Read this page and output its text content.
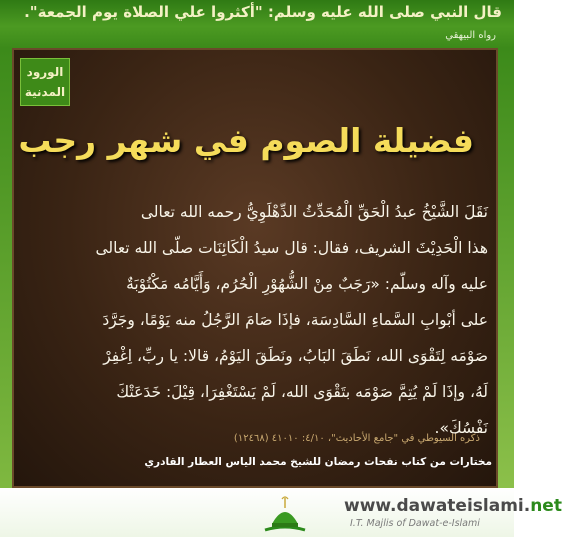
قال النبي صلى الله عليه وسلم: "أكثروا علي الصلاة يوم الجمعة".
رواه البيهقي
الورود
المدنية
فضيلة الصوم في شهر رجب
نَقَلَ الشَّيْخُ عبدُ الْحَقِّ الْمُحَدِّثُ الدِّهْلَوِيُّ رحمه الله تعالى
هذا الْحَدِيْثَ الشريف، فقال: قال سيدُ الْكَائِنَات صلّى الله تعالى
عليه وآله وسلّم: «رَجَبٌ مِنْ الشُّهُوْرِ الْحُرُم، وَأَيَّامُه مَكْتُوْبَةٌ
على أبْوابِ السَّماءِ السَّادِسَة، فإذَا صَامَ الرَّجُلُ منه يَوْمًا، وجَرَّدَ
صَوْمَه لِتَقْوَى الله، نَطَقَ البَابُ، ونَطَقَ اليَوْمُ، قالا: يا ربِّ، اِغْفِرْ
لَهُ، وإذَا لَمْ يُتِمَّ صَوْمَه بتَقْوَى الله، لَمْ يَسْتَغْفِرَا، قِيْلَ: خَدَعَتْكَ
نَفْسُكَ».
ذكره السيوطي في "جامع الأحاديث"، ٤/١٠: ٤١٠١٠ (١٢٤٦٨)
مختارات من كتاب نفحات رمضان للشيخ محمد الياس العطار القادري
www.dawateislami.net
I.T. Majlis of Dawat-e-Islami
